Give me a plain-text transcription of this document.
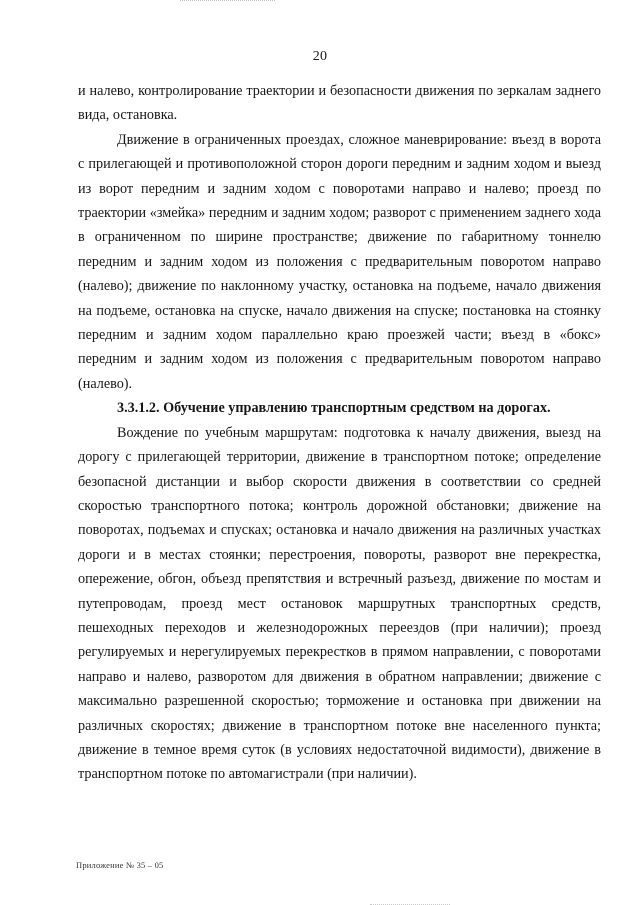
20

и налево, контролирование траектории и безопасности движения по зеркалам заднего вида, остановка.

Движение в ограниченных проездах, сложное маневрирование: въезд в ворота с прилегающей и противоположной сторон дороги передним и задним ходом и выезд из ворот передним и задним ходом с поворотами направо и налево; проезд по траектории «змейка» передним и задним ходом; разворот с применением заднего хода в ограниченном по ширине пространстве; движение по габаритному тоннелю передним и задним ходом из положения с предварительным поворотом направо (налево); движение по наклонному участку, остановка на подъеме, начало движения на подъеме, остановка на спуске, начало движения на спуске; постановка на стоянку передним и задним ходом параллельно краю проезжей части; въезд в «бокс» передним и задним ходом из положения с предварительным поворотом направо (налево).

3.3.1.2. Обучение управлению транспортным средством на дорогах.

Вождение по учебным маршрутам: подготовка к началу движения, выезд на дорогу с прилегающей территории, движение в транспортном потоке; определение безопасной дистанции и выбор скорости движения в соответствии со средней скоростью транспортного потока; контроль дорожной обстановки; движение на поворотах, подъемах и спусках; остановка и начало движения на различных участках дороги и в местах стоянки; перестроения, повороты, разворот вне перекрестка, опережение, обгон, объезд препятствия и встречный разъезд, движение по мостам и путепроводам, проезд мест остановок маршрутных транспортных средств, пешеходных переходов и железнодорожных переездов (при наличии); проезд регулируемых и нерегулируемых перекрестков в прямом направлении, с поворотами направо и налево, разворотом для движения в обратном направлении; движение с максимально разрешенной скоростью; торможение и остановка при движении на различных скоростях; движение в транспортном потоке вне населенного пункта; движение в темное время суток (в условиях недостаточной видимости), движение в транспортном потоке по автомагистрали (при наличии).

Приложение № 35 – 05
